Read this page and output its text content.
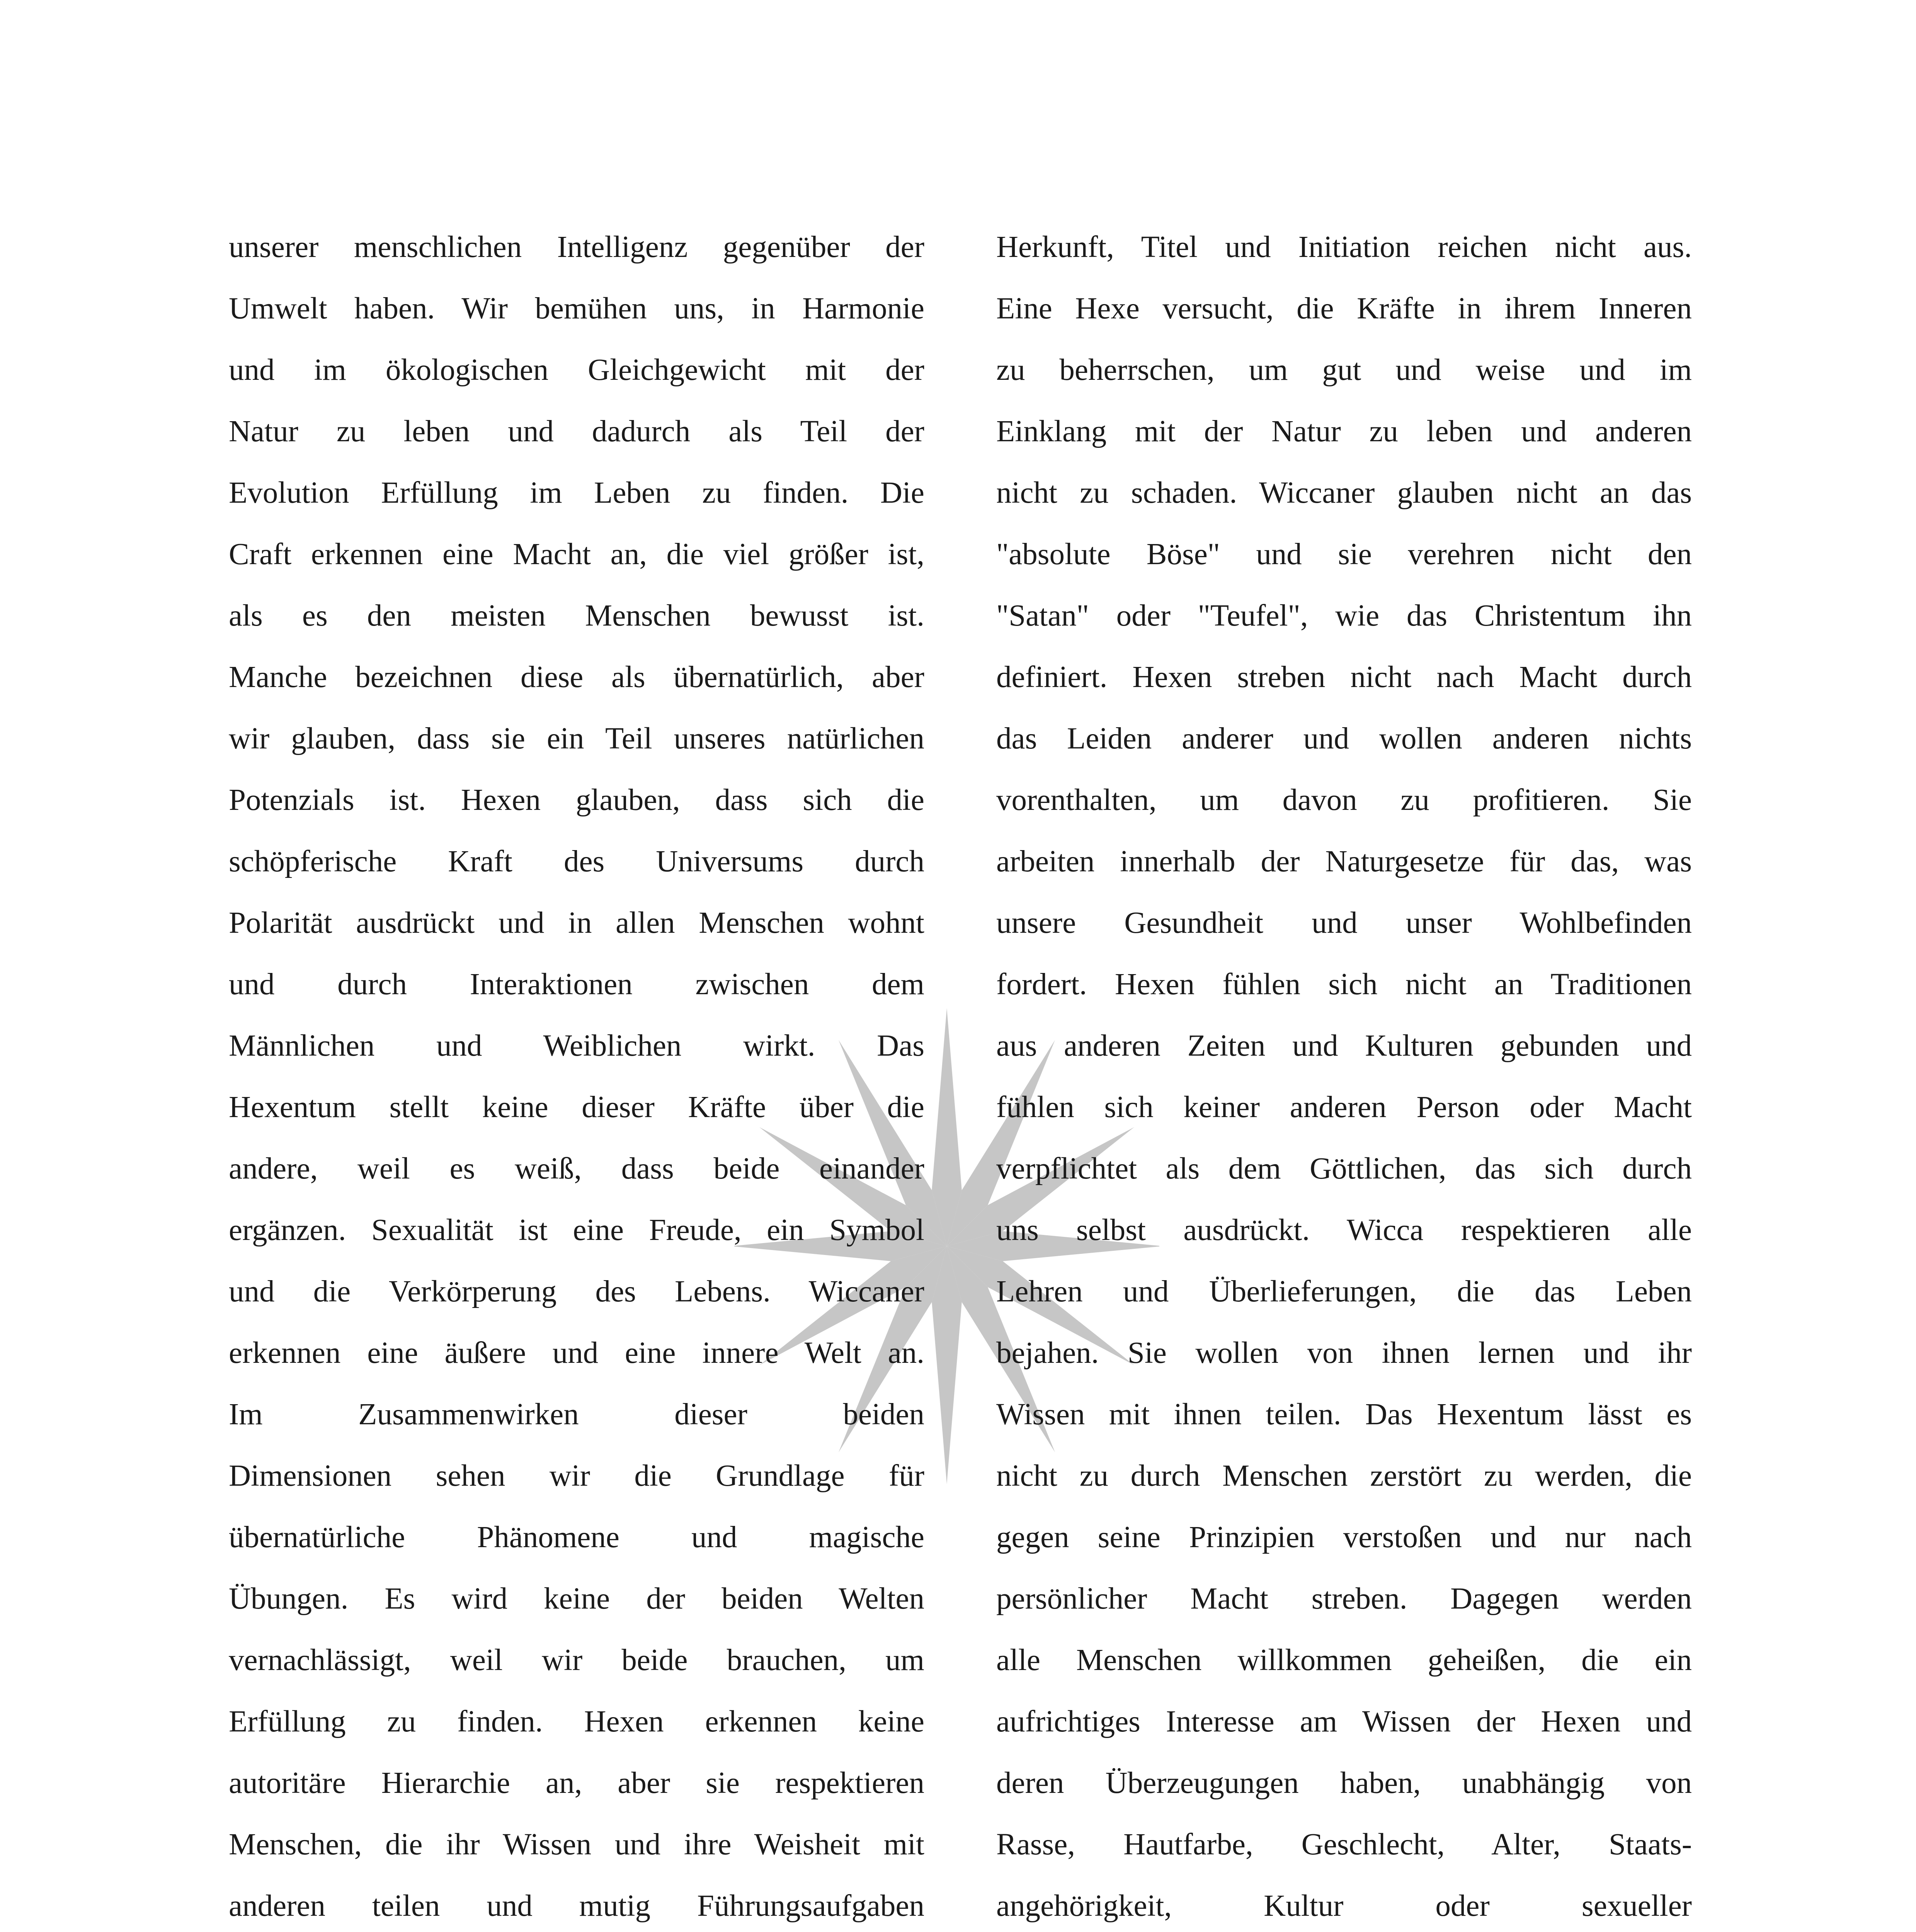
unserer menschlichen Intelligenz gegenüber der
Umwelt haben. Wir bemühen uns, in Harmonie
und im ökologischen Gleichgewicht mit der
Natur zu leben und dadurch als Teil der
Evolution Erfüllung im Leben zu finden. Die
Craft erkennen eine Macht an, die viel größer ist,
als es den meisten Menschen bewusst ist.
Manche bezeichnen diese als übernatürlich, aber
wir glauben, dass sie ein Teil unseres natürlichen
Potenzials ist. Hexen glauben, dass sich die
schöpferische Kraft des Universums durch
Polarität ausdrückt und in allen Menschen wohnt
und durch Interaktionen zwischen dem
Männlichen und Weiblichen wirkt. Das
Hexentum stellt keine dieser Kräfte über die
andere, weil es weiß, dass beide einander
ergänzen. Sexualität ist eine Freude, ein Symbol
und die Verkörperung des Lebens. Wiccaner
erkennen eine äußere und eine innere Welt an.
Im Zusammenwirken dieser beiden
Dimensionen sehen wir die Grundlage für
übernatürliche Phänomene und magische
Übungen. Es wird keine der beiden Welten
vernachlässigt, weil wir beide brauchen, um
Erfüllung zu finden. Hexen erkennen keine
autoritäre Hierarchie an, aber sie respektieren
Menschen, die ihr Wissen und ihre Weisheit mit
anderen teilen und mutig Führungsaufgaben
Herkunft, Titel und Initiation reichen nicht aus.
Eine Hexe versucht, die Kräfte in ihrem Inneren
zu beherrschen, um gut und weise und im
Einklang mit der Natur zu leben und anderen
nicht zu schaden. Wiccaner glauben nicht an das
"absolute Böse" und sie verehren nicht den
"Satan" oder "Teufel", wie das Christentum ihn
definiert. Hexen streben nicht nach Macht durch
das Leiden anderer und wollen anderen nichts
vorenthalten, um davon zu profitieren. Sie
arbeiten innerhalb der Naturgesetze für das, was
unsere Gesundheit und unser Wohlbefinden
fordert. Hexen fühlen sich nicht an Traditionen
aus anderen Zeiten und Kulturen gebunden und
fühlen sich keiner anderen Person oder Macht
verpflichtet als dem Göttlichen, das sich durch
uns selbst ausdrückt. Wicca respektieren alle
Lehren und Überlieferungen, die das Leben
bejahen. Sie wollen von ihnen lernen und ihr
Wissen mit ihnen teilen. Das Hexentum lässt es
nicht zu durch Menschen zerstört zu werden, die
gegen seine Prinzipien verstoßen und nur nach
persönlicher Macht streben. Dagegen werden
alle Menschen willkommen geheißen, die ein
aufrichtiges Interesse am Wissen der Hexen und
deren Überzeugungen haben, unabhängig von
Rasse, Hautfarbe, Geschlecht, Alter, Staats-
angehörigkeit, Kultur oder sexueller
